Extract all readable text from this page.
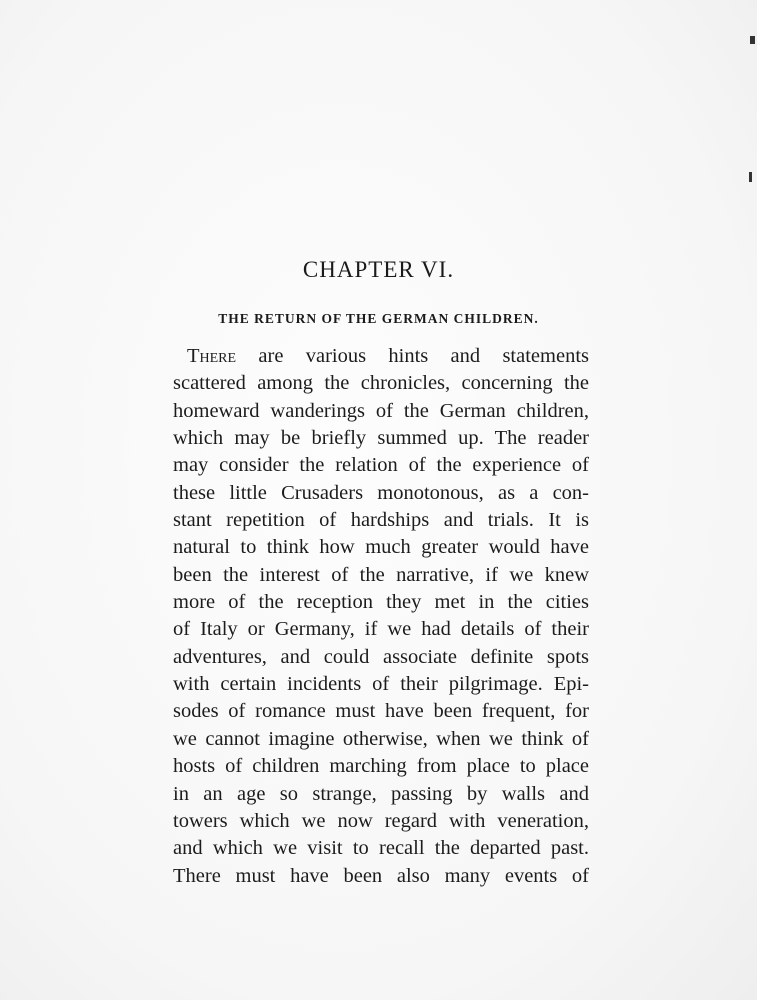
CHAPTER VI.
THE RETURN OF THE GERMAN CHILDREN.
There are various hints and statements
scattered among the chronicles, concerning the
homeward wanderings of the German children,
which may be briefly summed up. The reader
may consider the relation of the experience of
these little Crusaders monotonous, as a con-
stant repetition of hardships and trials. It is
natural to think how much greater would have
been the interest of the narrative, if we knew
more of the reception they met in the cities
of Italy or Germany, if we had details of their
adventures, and could associate definite spots
with certain incidents of their pilgrimage. Epi-
sodes of romance must have been frequent, for
we cannot imagine otherwise, when we think of
hosts of children marching from place to place
in an age so strange, passing by walls and
towers which we now regard with veneration,
and which we visit to recall the departed past.
There must have been also many events of
